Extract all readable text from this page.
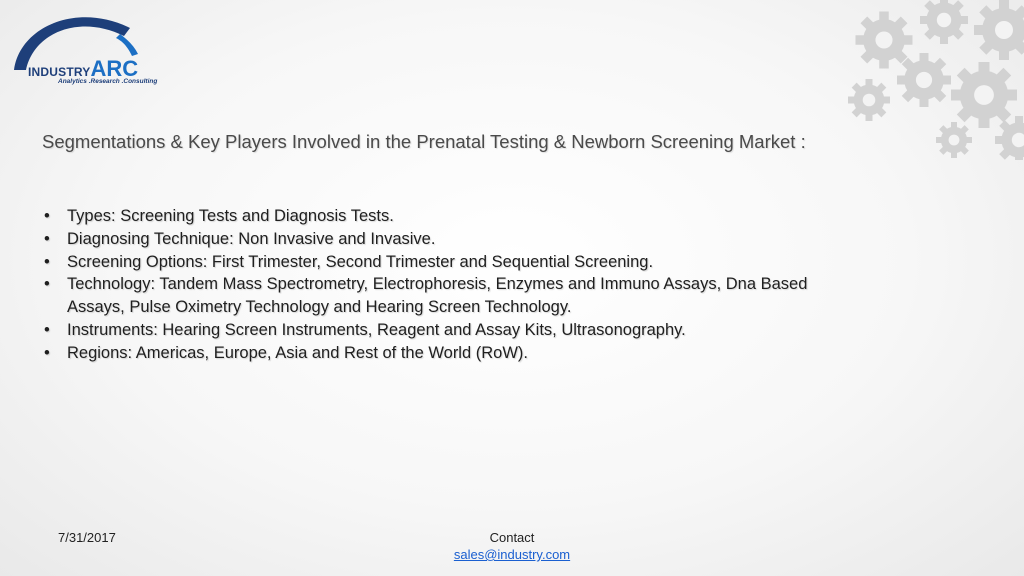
INDUSTRYARC
Analytics .Research .Consulting
Segmentations & Key Players Involved in the Prenatal Testing & Newborn Screening Market :
• Types: Screening Tests and Diagnosis Tests.
• Diagnosing Technique: Non Invasive and Invasive.
• Screening Options: First Trimester, Second Trimester and Sequential Screening.
• Technology: Tandem Mass Spectrometry, Electrophoresis, Enzymes and Immuno Assays, Dna Based Assays, Pulse Oximetry Technology and Hearing Screen Technology.
• Instruments: Hearing Screen Instruments, Reagent and Assay Kits, Ultrasonography.
• Regions: Americas, Europe, Asia and Rest of the World (RoW).
7/31/2017	Contact
sales@industry.com
